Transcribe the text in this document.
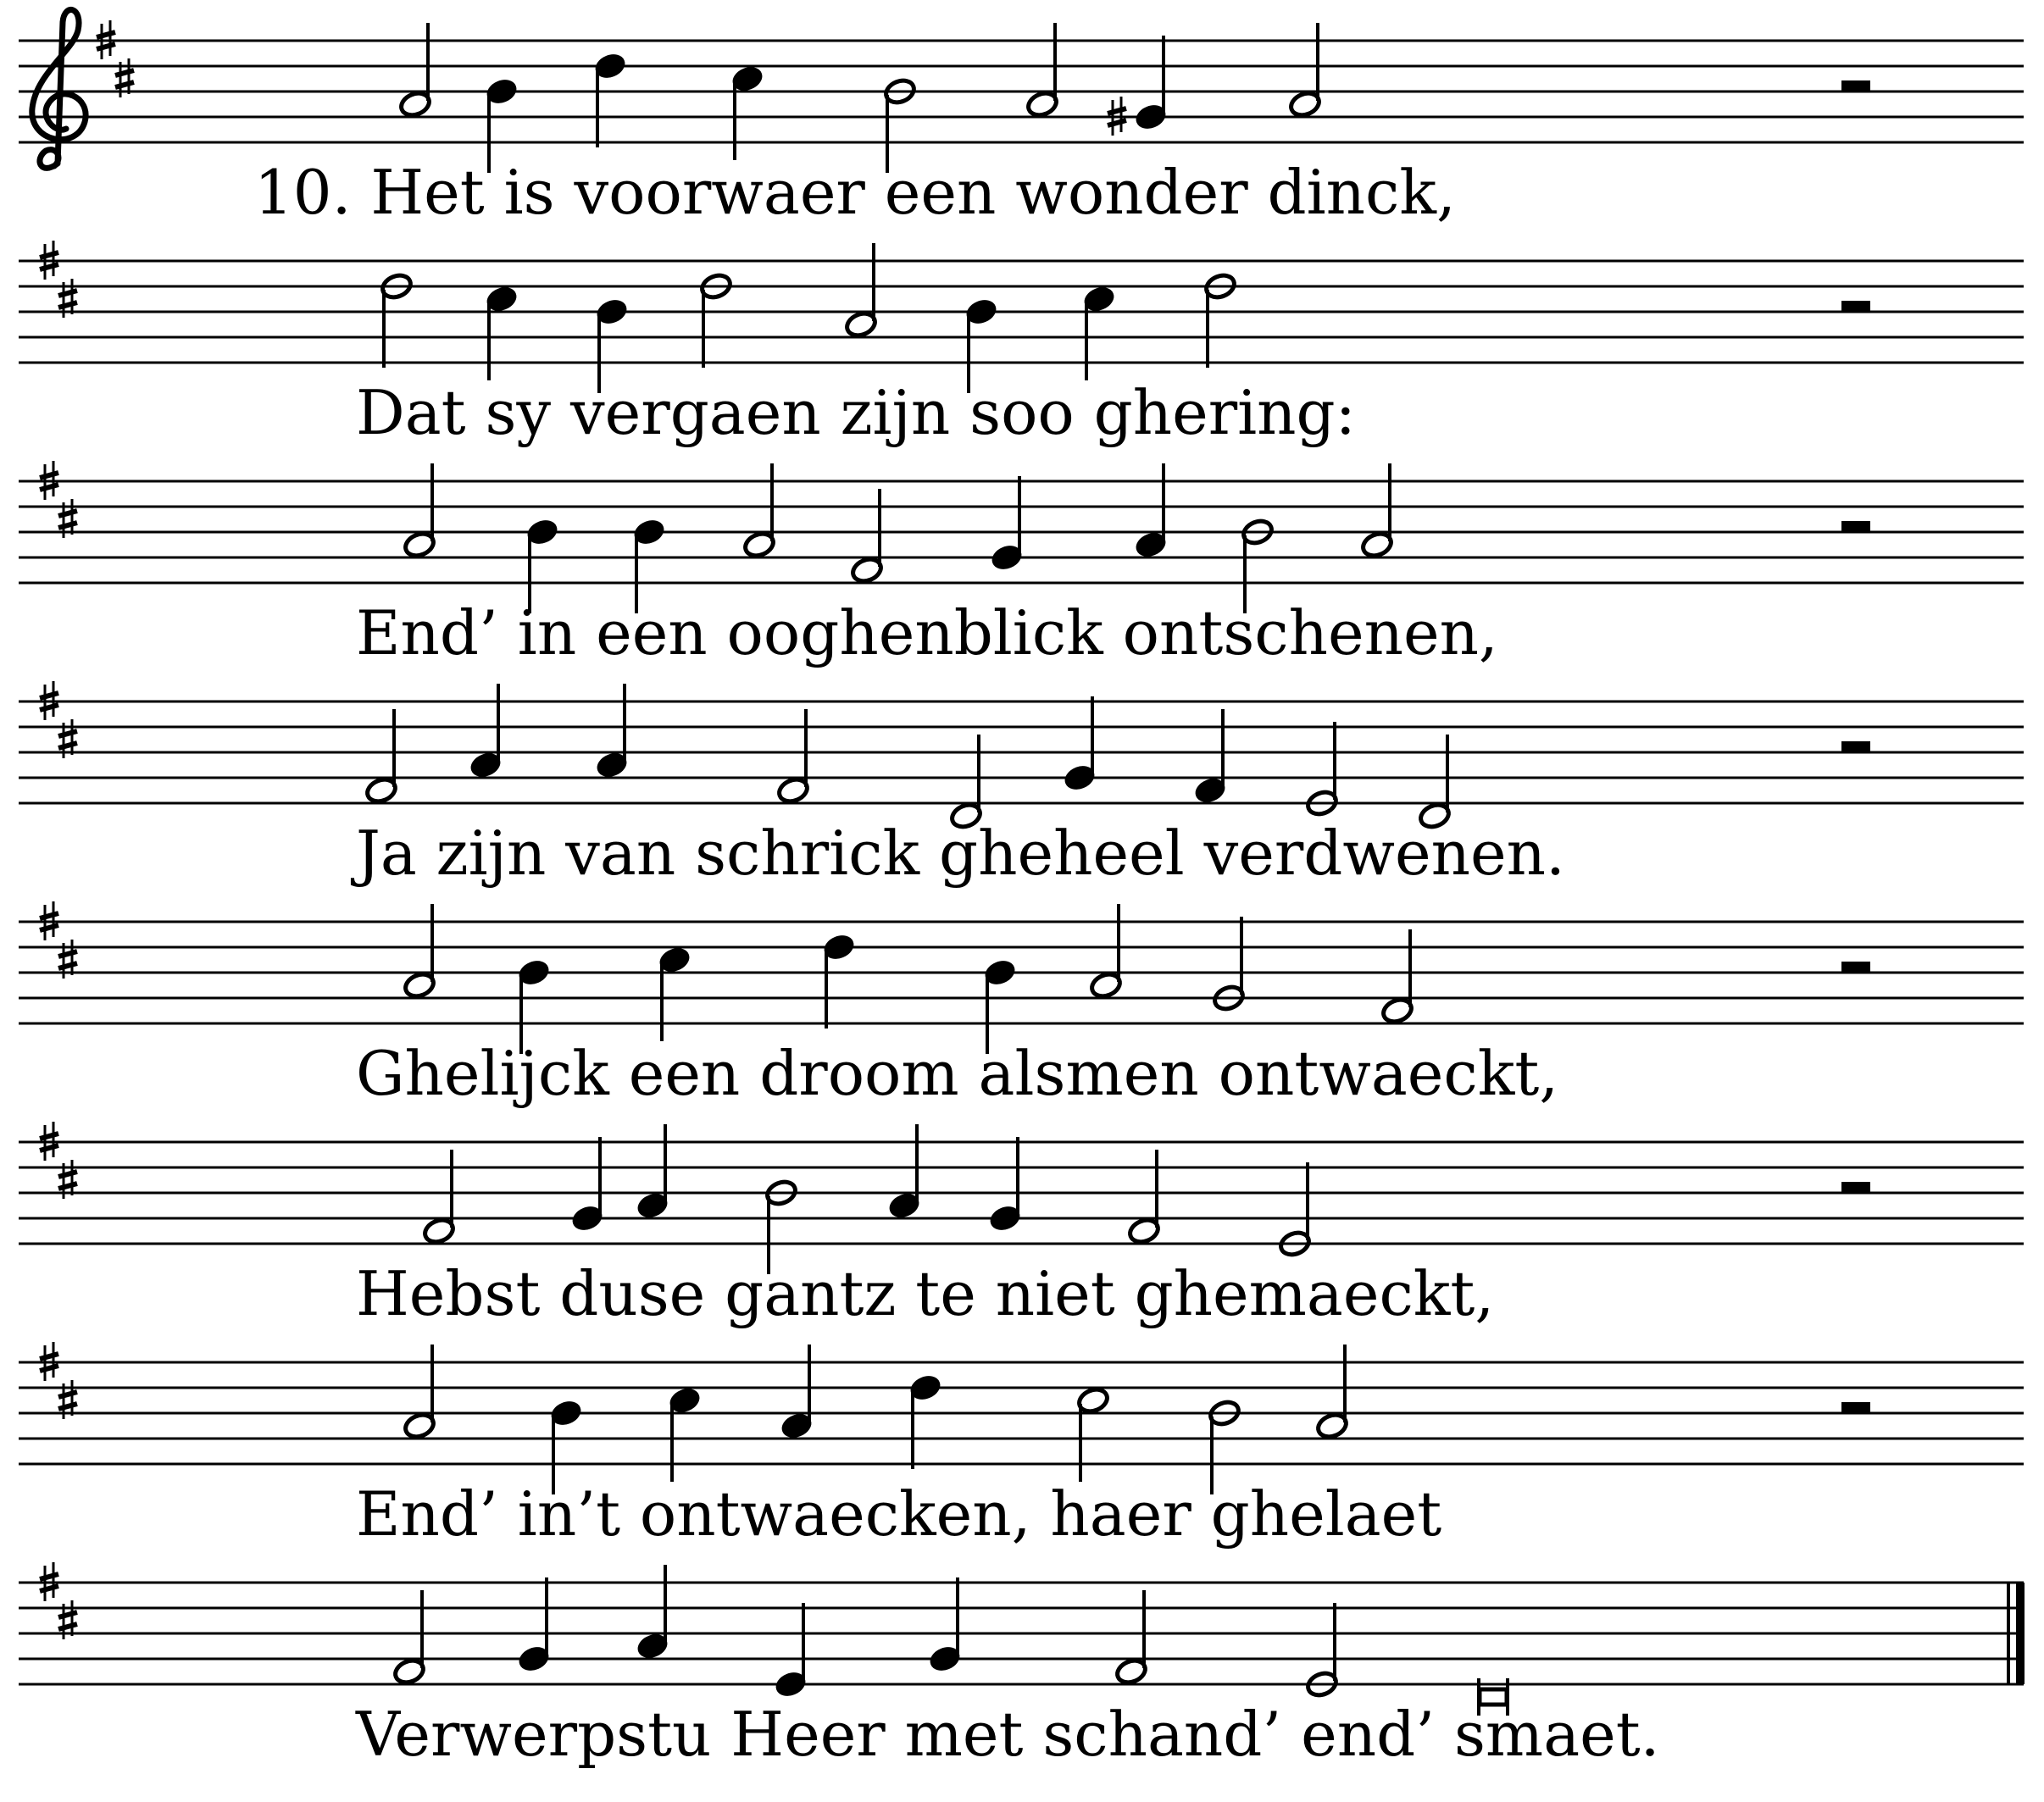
10. Het is voorwaer een wonder dinck,
Dat sy vergaen zijn soo ghering:
End’ in een ooghenblick ontschenen,
Ja zijn van schrick gheheel verdwenen.
Ghelijck een droom alsmen ontwaeckt,
Hebst duse gantz te niet ghemaeckt,
End’ in’t ontwaecken, haer ghelaet
Verwerpstu Heer met schand’ end’ smaet.
